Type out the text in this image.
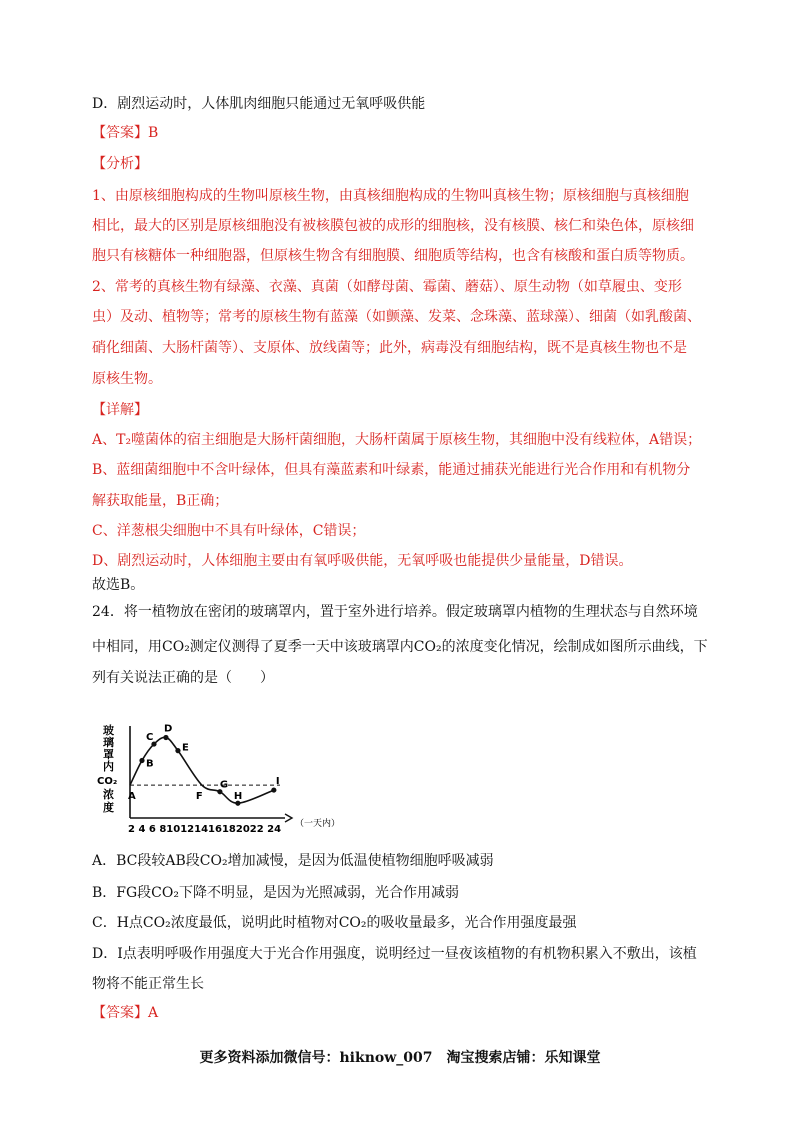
D．剧烈运动时，人体肌肉细胞只能通过无氧呼吸供能
【答案】B
【分析】
1、由原核细胞构成的生物叫原核生物，由真核细胞构成的生物叫真核生物；原核细胞与真核细胞
相比，最大的区别是原核细胞没有被核膜包被的成形的细胞核，没有核膜、核仁和染色体，原核细
胞只有核糖体一种细胞器，但原核生物含有细胞膜、细胞质等结构，也含有核酸和蛋白质等物质。
2、常考的真核生物有绿藻、衣藻、真菌（如酵母菌、霉菌、蘑菇）、原生动物（如草履虫、变形
虫）及动、植物等；常考的原核生物有蓝藻（如颤藻、发菜、念珠藻、蓝球藻）、细菌（如乳酸菌、
硝化细菌、大肠杆菌等）、支原体、放线菌等；此外，病毒没有细胞结构，既不是真核生物也不是
原核生物。
【详解】
A、T₂噬菌体的宿主细胞是大肠杆菌细胞，大肠杆菌属于原核生物，其细胞中没有线粒体，A错误；
B、蓝细菌细胞中不含叶绿体，但具有藻蓝素和叶绿素，能通过捕获光能进行光合作用和有机物分
解获取能量，B正确；
C、洋葱根尖细胞中不具有叶绿体，C错误；
D、剧烈运动时，人体细胞主要由有氧呼吸供能，无氧呼吸也能提供少量能量，D错误。
故选B。
24．将一植物放在密闭的玻璃罩内，置于室外进行培养。假定玻璃罩内植物的生理状态与自然环境
中相同，用CO₂测定仪测得了夏季一天中该玻璃罩内CO₂的浓度变化情况，绘制成如图所示曲线，下
列有关说法正确的是（　　）
玻
璃
罩
内
CO₂
浓
度
A
B
C
D
E
F
G
H
I
2 4 6 810121416182022 24 （一天内）
A．BC段较AB段CO₂增加减慢，是因为低温使植物细胞呼吸减弱
B．FG段CO₂下降不明显，是因为光照减弱，光合作用减弱
C．H点CO₂浓度最低，说明此时植物对CO₂的吸收量最多，光合作用强度最强
D．I点表明呼吸作用强度大于光合作用强度，说明经过一昼夜该植物的有机物积累入不敷出，该植
物将不能正常生长
【答案】A
更多资料添加微信号：hiknow_007　淘宝搜索店铺：乐知课堂
